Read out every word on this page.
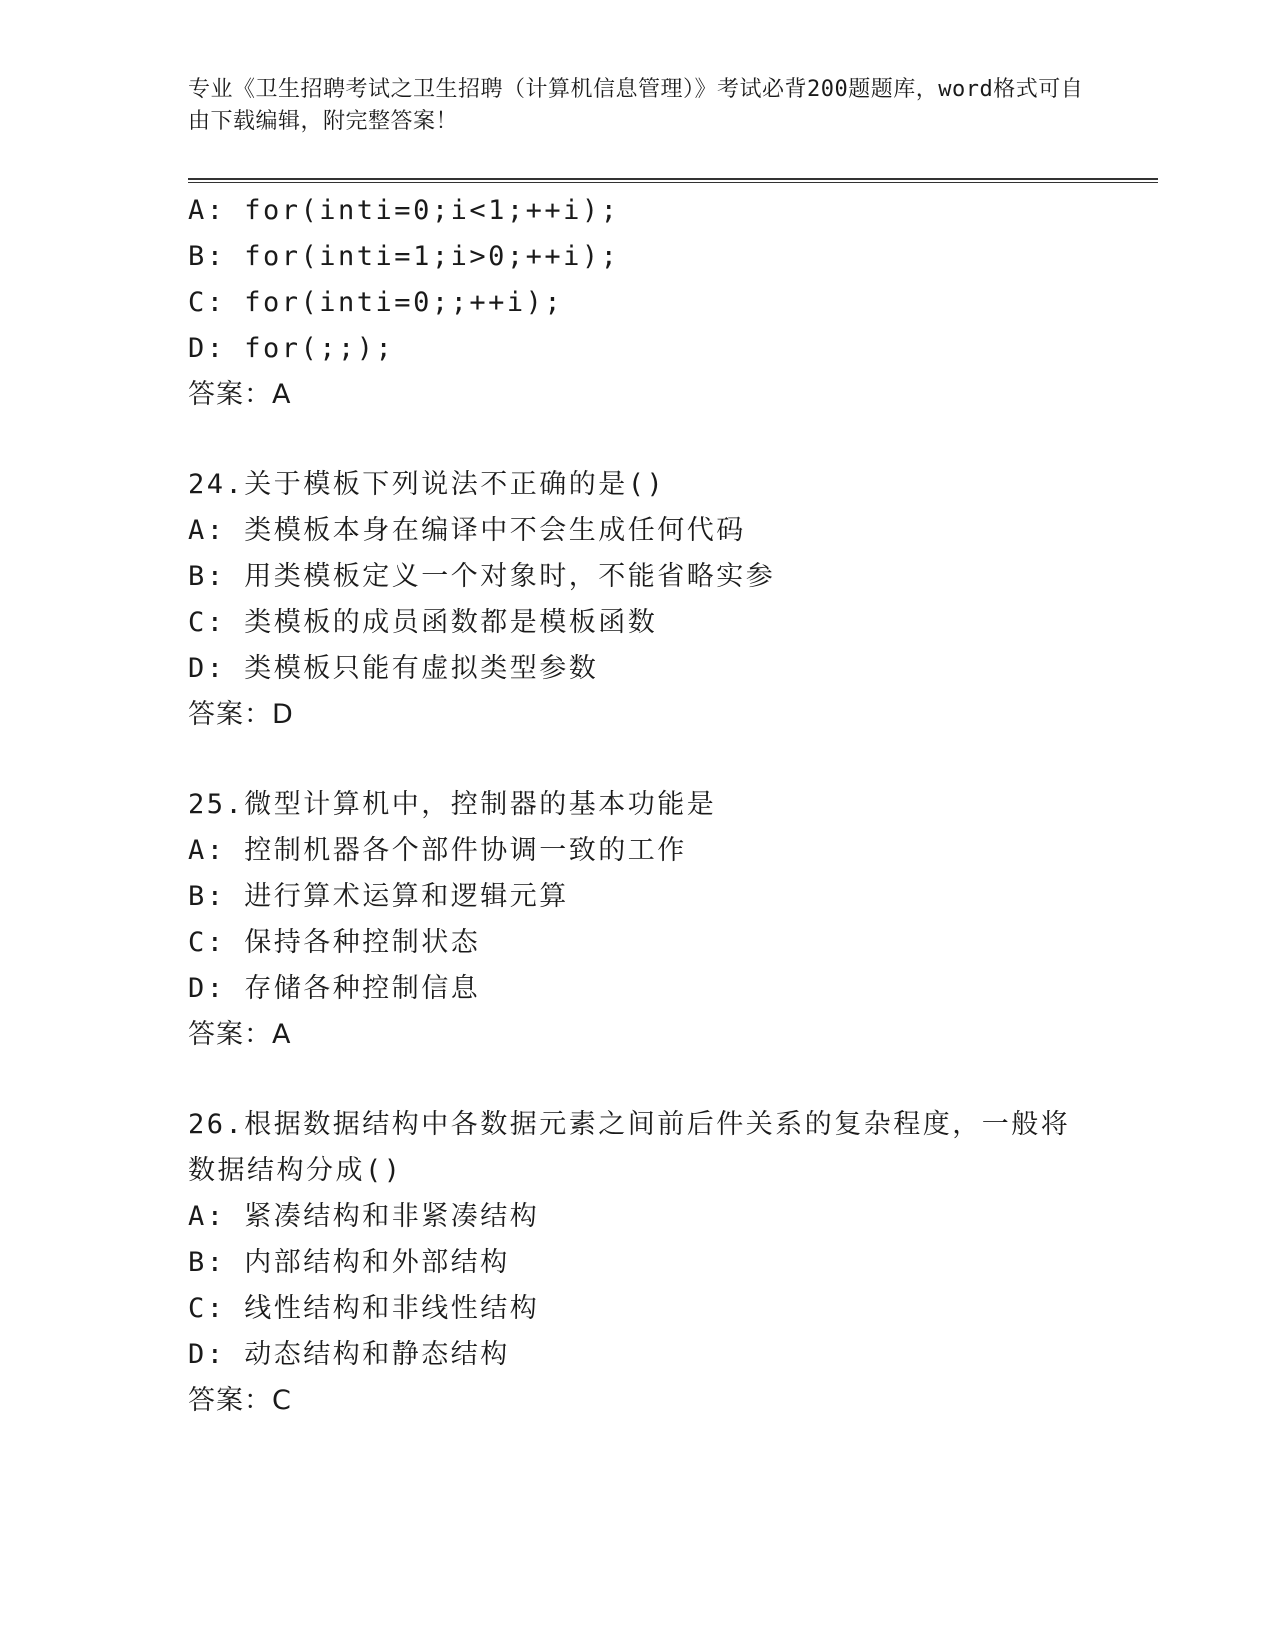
专业《卫生招聘考试之卫生招聘（计算机信息管理）》考试必背200题题库，word格式可自由下载编辑，附完整答案！
A: for(inti=0;i<1;++i);
B: for(inti=1;i>0;++i);
C: for(inti=0;;++i);
D: for(;;);
答案：A
24.关于模板下列说法不正确的是()
A: 类模板本身在编译中不会生成任何代码
B: 用类模板定义一个对象时，不能省略实参
C: 类模板的成员函数都是模板函数
D: 类模板只能有虚拟类型参数
答案：D
25.微型计算机中，控制器的基本功能是
A: 控制机器各个部件协调一致的工作
B: 进行算术运算和逻辑元算
C: 保持各种控制状态
D: 存储各种控制信息
答案：A
26.根据数据结构中各数据元素之间前后件关系的复杂程度，一般将数据结构分成()
A: 紧凑结构和非紧凑结构
B: 内部结构和外部结构
C: 线性结构和非线性结构
D: 动态结构和静态结构
答案：C
